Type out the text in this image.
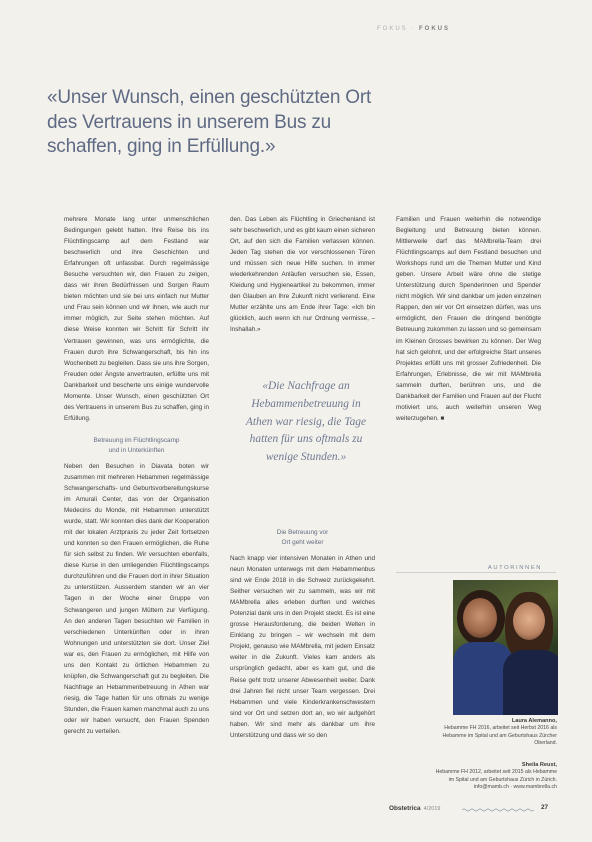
FOKUS · FOKUS
«Unser Wunsch, einen geschützten Ort des Vertrauens in unserem Bus zu schaffen, ging in Erfüllung.»

mehrere Monate lang unter unmenschlichen Bedingungen gelebt hatten. Ihre Reise bis ins Flüchtlingscamp auf dem Festland war beschwerlich und ihre Geschichten und Erfahrungen oft unfassbar. Durch regelmässige Besuche versuchten wir, den Frauen zu zeigen, dass wir ihren Bedürfnissen und Sorgen Raum bieten möchten und sie bei uns einfach nur Mutter und Frau sein können und wir ihnen, wie auch nur immer möglich, zur Seite stehen möchten. Auf diese Weise konnten wir Schritt für Schritt ihr Vertrauen gewinnen, was uns ermöglichte, die Frauen durch ihre Schwangerschaft, bis hin ins Wochenbett zu begleiten. Dass sie uns ihre Sorgen, Freuden oder Ängste anvertrauten, erfüllte uns mit Dankbarkeit und bescherte uns einige wundervolle Momente. Unser Wunsch, einen geschützten Ort des Vertrauens in unserem Bus zu schaffen, ging in Erfüllung.

Betreuung im Flüchtlingscamp
und in Unterkünften

Neben den Besuchen in Diavata boten wir zusammen mit mehreren Hebammen regelmässige Schwangerschafts- und Geburtsvorbereitungskurse im Amurali Center, das von der Organisation Medecins du Monde, mit Hebammen unterstützt wurde, statt. Wir konnten dies dank der Kooperation mit der lokalen Arztpraxis zu jeder Zeit fortsetzen und konnten so den Frauen ermöglichen, die Ruhe für sich selbst zu finden. Wir versuchten ebenfalls, diese Kurse in den umliegenden Flüchtlingscamps durchzuführen und die Frauen dort in ihrer Situation zu unterstützen. Ausserdem standen wir an vier Tagen in der Woche einer Gruppe von Schwangeren und jungen Müttern zur Verfügung. An den anderen Tagen besuchten wir Familien in verschiedenen Unterkünften oder in ihren Wohnungen und unterstützten sie dort. Unser Ziel war es, den Frauen zu ermöglichen, mit Hilfe von uns den Kontakt zu örtlichen Hebammen zu knüpfen, die Schwangerschaft gut zu begleiten. Die Nachfrage an Hebammenbetreuung in Athen war riesig, die Tage hatten für uns oftmals zu wenige Stunden, die Frauen kamen manchmal auch zu uns oder wir haben versucht, den Frauen Spenden gerecht zu verteilen.

den. Das Leben als Flüchtling in Griechenland ist sehr beschwerlich, und es gibt kaum einen sicheren Ort, auf den sich die Familien verlassen können. Jeden Tag stehen die vor verschlossenen Türen und müssen sich neue Hilfe suchen. In immer wiederkehrenden Anläufen versuchen sie, Essen, Kleidung und Hygieneartikel zu bekommen, immer den Glauben an Ihre Zukunft nicht verlierend. Eine Mutter erzählte uns am Ende ihrer Tage: «Ich bin glücklich, auch wenn ich nur Ordnung vermisse, – Inshallah.»

«Die Nachfrage an Hebammenbetreuung in Athen war riesig, die Tage hatten für uns oftmals zu wenige Stunden.»
Die Betreuung vor
Ort geht weiter

Nach knapp vier intensiven Monaten in Athen und neun Monaten unterwegs mit dem Hebammenbus sind wir Ende 2018 in die Schweiz zurückgekehrt. Seither versuchen wir zu sammeln, was wir mit MAMbrella alles erleben durften und welches Potenzial dank uns in den Projekt steckt. Es ist eine grosse Herausforderung, die beiden Welten in Einklang zu bringen – wir wechseln mit dem Projekt, genauso wie MAMbrella, mit jedem Einsatz weiter in die Zukunft. Vieles kam anders als ursprünglich gedacht, aber es kam gut, und die Reise geht trotz unserer Abwesenheit weiter. Dank drei Jahren fiel nicht unser Team vergessen. Drei Hebammen und viele Kinderkrankenschwestern sind vor Ort und setzen dort an, wo wir aufgehört haben. Wir sind mehr als dankbar um ihre Unterstützung und dass wir so den

Familien und Frauen weiterhin die notwendige Begleitung und Betreuung bieten können. Mittlerweile darf das MAMbrella-Team drei Flüchtlingscamps auf dem Festland besuchen und Workshops rund um die Themen Mutter und Kind geben. Unsere Arbeit wäre ohne die stetige Unterstützung durch Spenderinnen und Spender nicht möglich. Wir sind dankbar um jeden einzelnen Rappen, den wir vor Ort einsetzen dürfen, was uns ermöglicht, den Frauen die dringend benötigte Betreuung zukommen zu lassen und so gemeinsam im Kleinen Grosses bewirken zu können. Der Weg hat sich gelohnt, und der erfolgreiche Start unseres Projektes erfüllt uns mit grosser Zufriedenheit. Die Erfahrungen, Erlebnisse, die wir mit MAMbrella sammeln durften, berühren uns, und die Dankbarkeit der Familien und Frauen auf der Flucht motiviert uns, auch weiterhin unseren Weg weiterzugehen. ■

AUTORINNEN
Laura Alemanno,
Hebamme FH 2016, arbeitet seit Herbst 2016 als Hebamme im Spital und am Geburtshaus Zürcher Oberland.
Sheila Reust,
Hebamme FH 2012, arbeitet seit 2015 als Hebamme im Spital und am Geburtshaus Zürich in Zürich.
info@mamb.ch · www.mambrella.ch
Obstetrica 4/2019	27
